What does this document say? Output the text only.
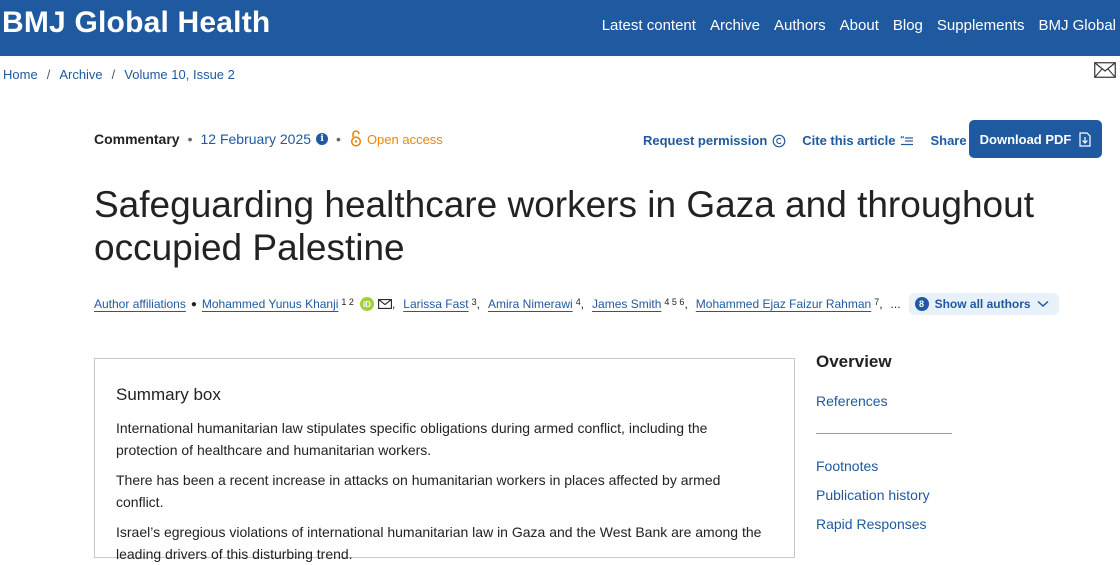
BMJ Global Health	Latest content Archive Authors About Blog Supplements BMJ Global
Home / Archive / Volume 10, Issue 2
Commentary • 12 February 2025	i • Open access	Request permission	Cite this article “ Share Download PDF
Safeguarding healthcare workers in Gaza and throughout occupied Palestine
Author affiliations ● Mohammed Yunus Khanji $^{1 2}$	iD , Larissa Fast $^3$ , Amira Nimerawi $^4$ , James Smith $^{4 5 6}$ , Mohammed Ejaz Faizur Rahman $^7$ , ...	8 Show all authors
Summary box

International humanitarian law stipulates specific obligations during armed conflict, including the protection of healthcare and humanitarian workers.

There has been a recent increase in attacks on humanitarian workers in places affected by armed conflict.

Israel’s egregious violations of international humanitarian law in Gaza and the West Bank are among the leading drivers of this disturbing trend.

Overview
References
Footnotes
Publication history
Rapid Responses
